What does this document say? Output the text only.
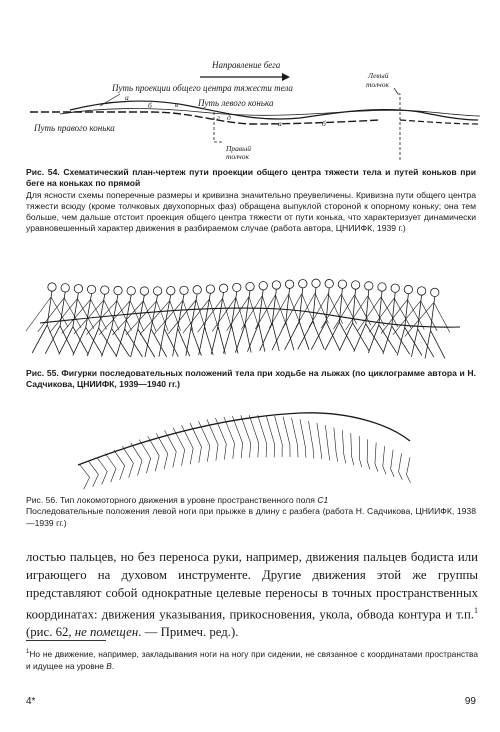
Направление бега
Путь проекции общего центра тяжести тела
Путь левого конька
Путь правого конька
Левый
толчок
Правый
толчок
а
б	в
г д
а	б

Рис. 54. Схематический план-чертеж пути проекции общего центра тяжести тела и путей коньков при беге на коньках по прямой

Для ясности схемы поперечные размеры и кривизна значительно преувеличены. Кривизна пути общего центра тяжести всюду (кроме толчковых двухопорных фаз) обращена выпуклой стороной к опорному коньку; она тем больше, чем дальше отстоит проекция общего центра тяжести от пути конька, что характеризует динамически уравновешенный характер движения в разбираемом случае (работа автора, ЦНИИФК, 1939 г.)

Рис. 55. Фигурки последовательных положений тела при ходьбе на лыжах (по циклограмме автора и Н. Садчикова, ЦНИИФК, 1939—1940 гг.)

Рис. 56. Тип локомоторного движения в уровне пространственного поля C1

Последовательные положения левой ноги при прыжке в длину с разбега (работа Н. Садчикова, ЦНИИФК, 1938—1939 гг.)

лостью пальцев, но без переноса руки, например, движения пальцев бодиста или играющего на духовом инструменте. Другие движения этой же группы представляют собой однократные целевые переносы в точных пространственных координатах: движения указывания, прикосновения, укола, обвода контура и т.п.$^1$ (рис. 62, не помещен. — Примеч. ред.).
$^1$Но не движение, например, закладывания ноги на ногу при сидении, не связанное с координатами пространства и идущее на уровне B.
4*	99
